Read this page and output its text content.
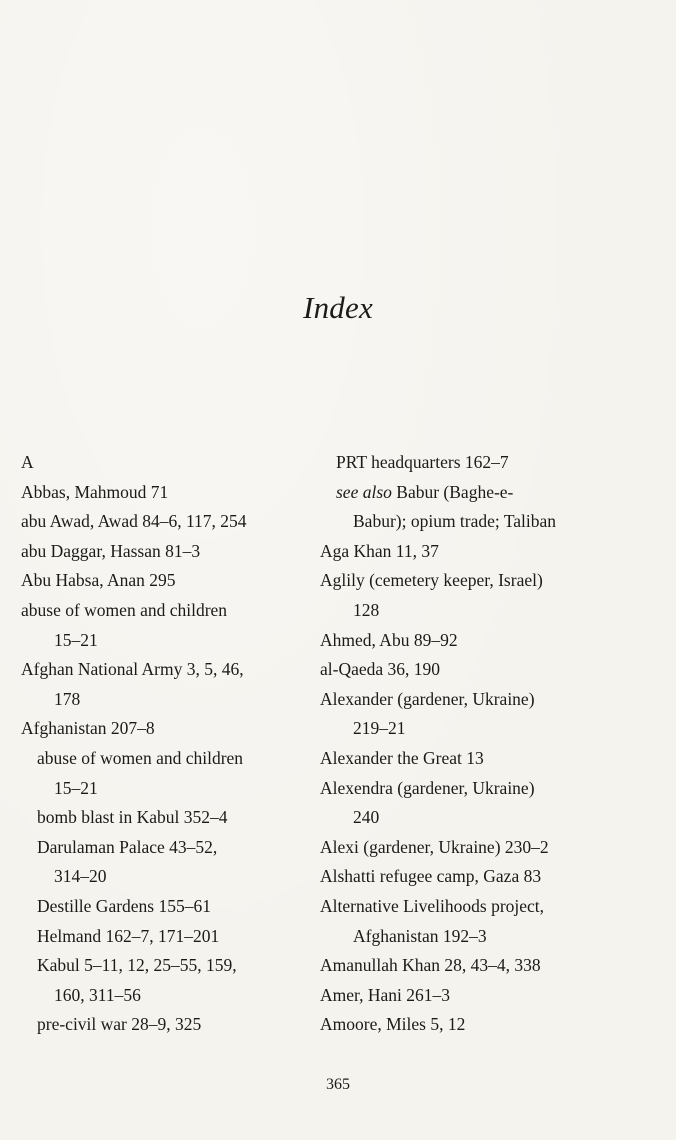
Index
A
Abbas, Mahmoud 71
abu Awad, Awad 84–6, 117, 254
abu Daggar, Hassan 81–3
Abu Habsa, Anan 295
abuse of women and children
15–21
Afghan National Army 3, 5, 46,
178
Afghanistan 207–8
abuse of women and children
15–21
bomb blast in Kabul 352–4
Darulaman Palace 43–52,
314–20
Destille Gardens 155–61
Helmand 162–7, 171–201
Kabul 5–11, 12, 25–55, 159,
160, 311–56
pre-civil war 28–9, 325
PRT headquarters 162–7
see also Babur (Baghe-e-
Babur); opium trade; Taliban
Aga Khan 11, 37
Aglily (cemetery keeper, Israel)
128
Ahmed, Abu 89–92
al-Qaeda 36, 190
Alexander (gardener, Ukraine)
219–21
Alexander the Great 13
Alexendra (gardener, Ukraine)
240
Alexi (gardener, Ukraine) 230–2
Alshatti refugee camp, Gaza 83
Alternative Livelihoods project,
Afghanistan 192–3
Amanullah Khan 28, 43–4, 338
Amer, Hani 261–3
Amoore, Miles 5, 12
365
